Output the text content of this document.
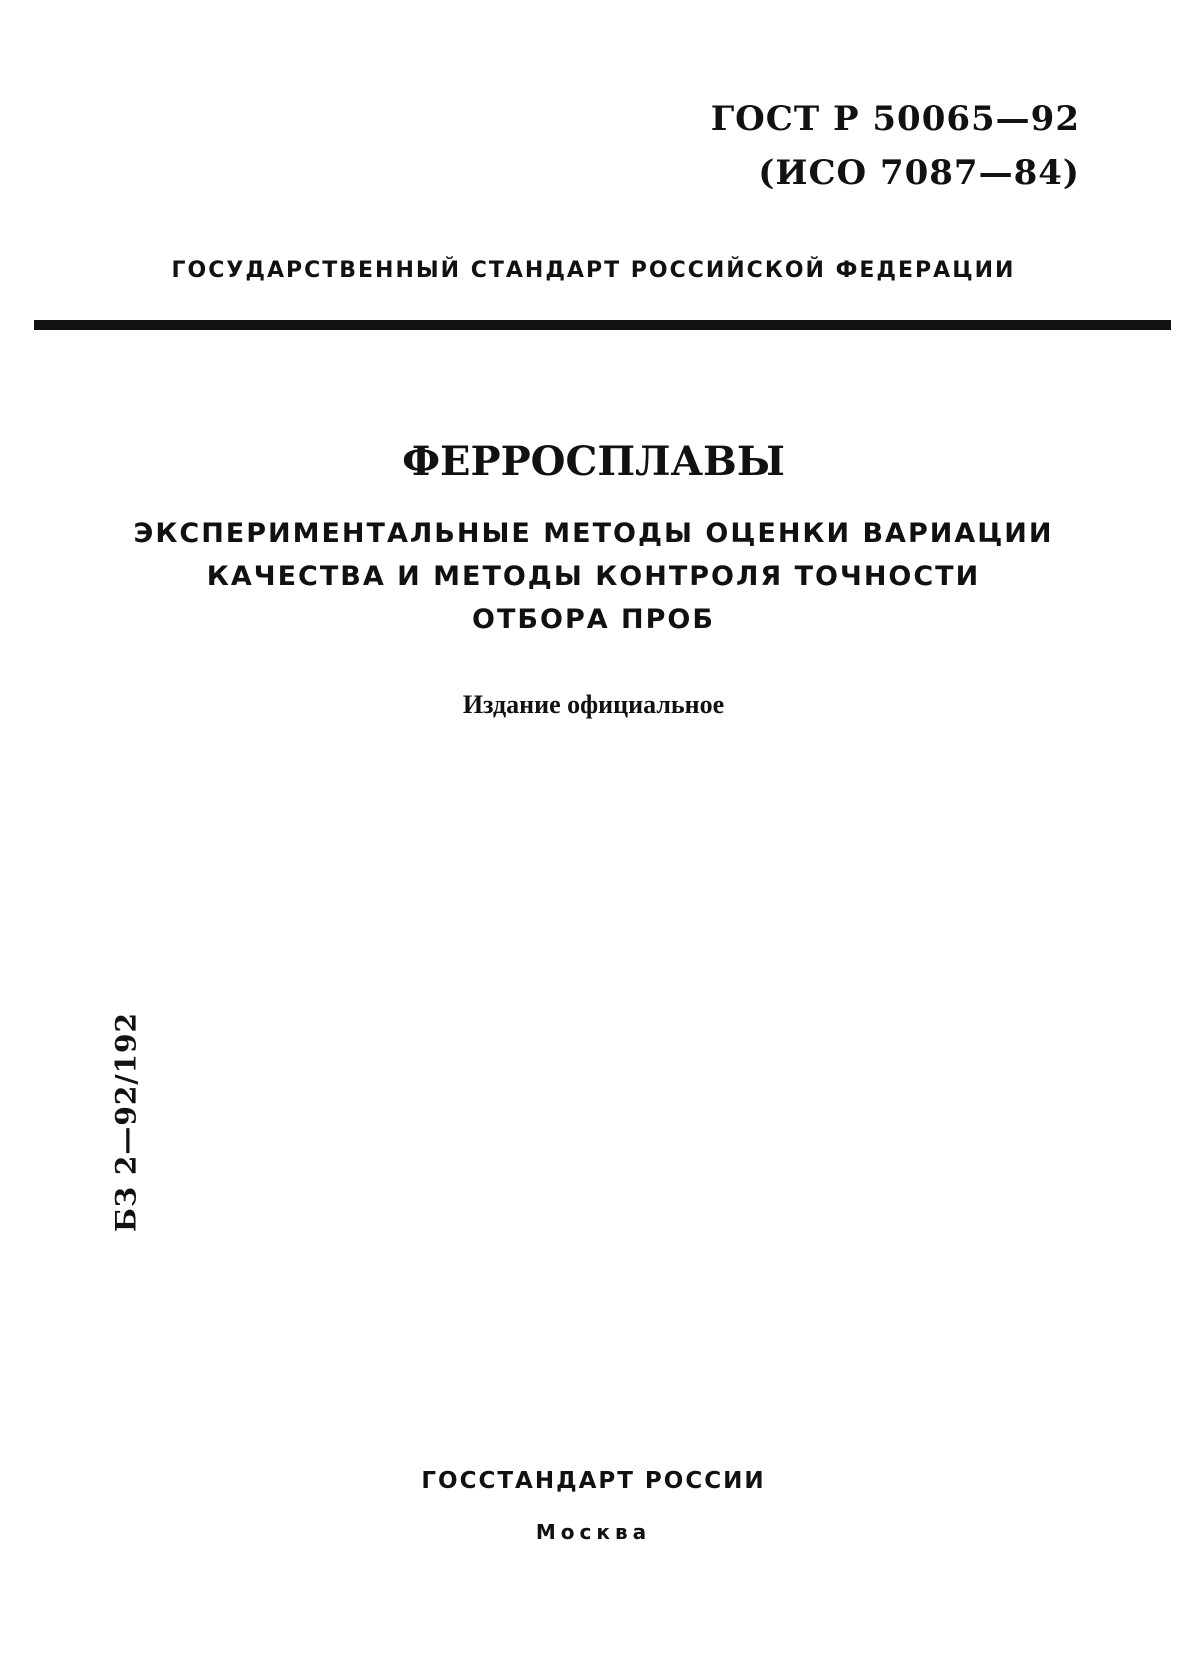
ГОСТ Р 50065—92
(ИСО 7087—84)
ГОСУДАРСТВЕННЫЙ СТАНДАРТ РОССИЙСКОЙ ФЕДЕРАЦИИ
ФЕРРОСПЛАВЫ
ЭКСПЕРИМЕНТАЛЬНЫЕ МЕТОДЫ ОЦЕНКИ ВАРИАЦИИ
КАЧЕСТВА И МЕТОДЫ КОНТРОЛЯ ТОЧНОСТИ
ОТБОРА ПРОБ
Издание официальное
БЗ 2—92/192
ГОССТАНДАРТ РОССИИ
Москва
